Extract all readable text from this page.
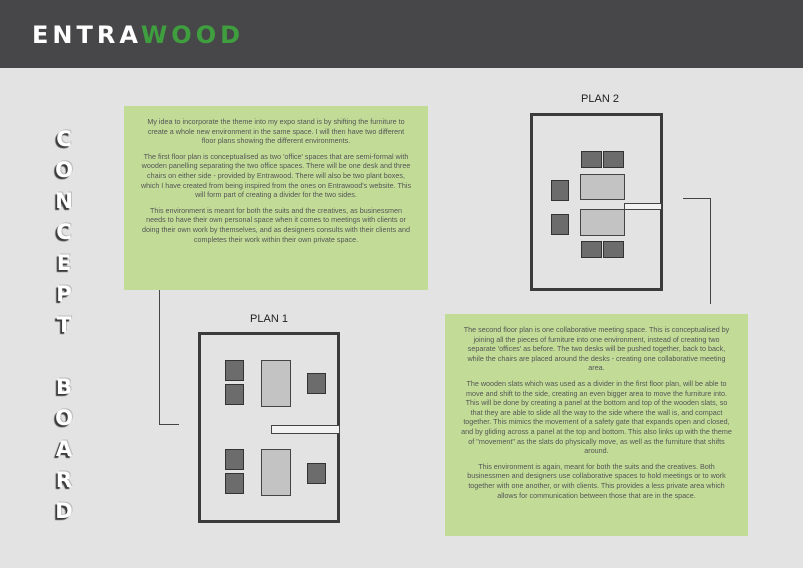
ENTRAWOOD
C
O
N
C
E
P
T
B
O
A
R
D

My idea to incorporate the theme into my expo stand is by shifting the furniture to create a whole new environment in the same space. I will then have two different floor plans showing the different environments.

The first floor plan is conceptualised as two 'office' spaces that are semi-formal with wooden panelling separating the two office spaces. There will be one desk and three chairs on either side - provided by Entrawood. There will also be two plant boxes, which I have created from being inspired from the ones on Entrawood's website. This will form part of creating a divider for the two sides.

This environment is meant for both the suits and the creatives, as businessmen needs to have their own personal space when it comes to meetings with clients or doing their own work by themselves, and as designers consults with their clients and completes their work within their own private space.

The second floor plan is one collaborative meeting space. This is conceptualised by joining all the pieces of furniture into one environment, instead of creating two separate 'offices' as before. The two desks will be pushed together, back to back, while the chairs are placed around the desks - creating one collaborative meeting area.

The wooden slats which was used as a divider in the first floor plan, will be able to move and shift to the side, creating an even bigger area to move the furniture into. This will be done by creating a panel at the bottom and top of the wooden slats, so that they are able to slide all the way to the side where the wall is, and compact together. This mimics the movement of a safety gate that expands open and closed, and by gliding across a panel at the top and bottom. This also links up with the theme of "movement" as the slats do physically move, as well as the furniture that shifts around.

This environment is again, meant for both the suits and the creatives. Both businessmen and designers use collaborative spaces to hold meetings or to work together with one another, or with clients. This provides a less private area which allows for communication between those that are in the space.

PLAN 1
PLAN 2
